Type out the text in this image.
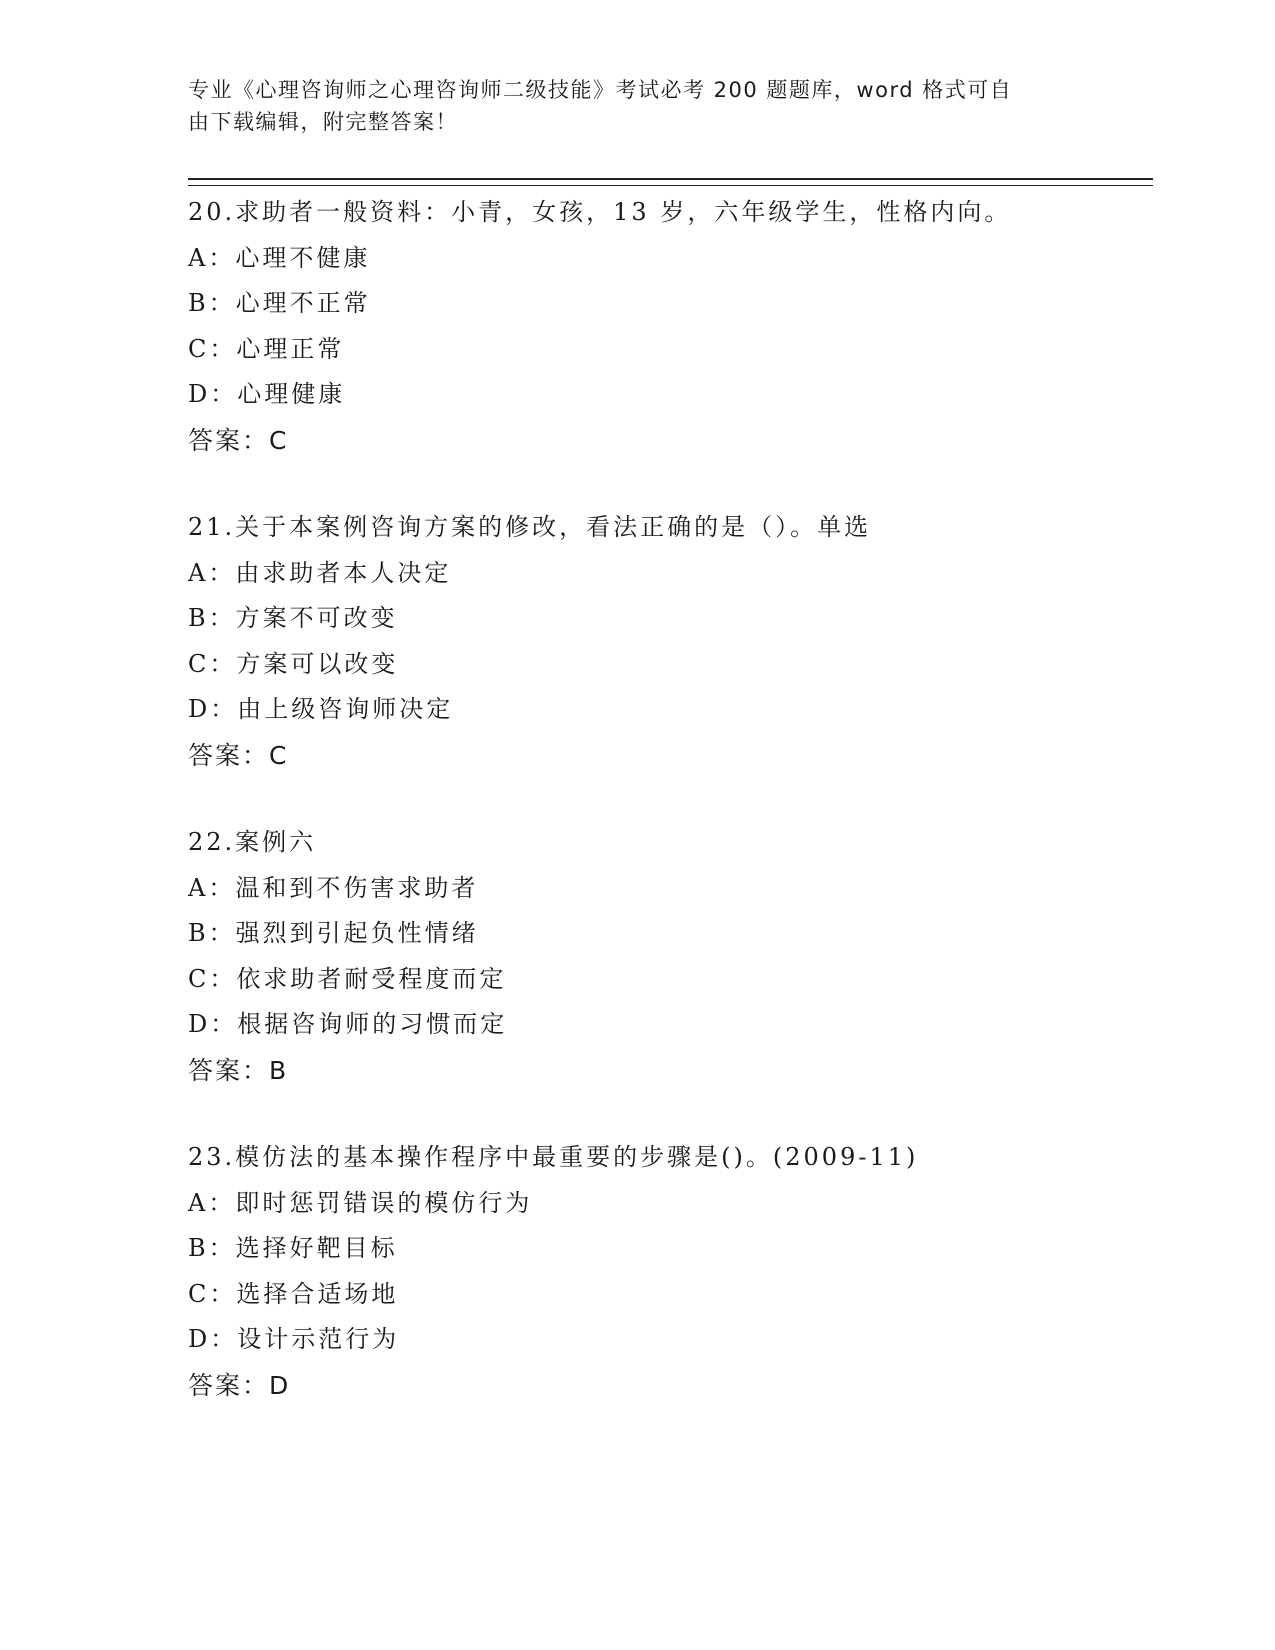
专业《心理咨询师之心理咨询师二级技能》考试必考 200 题题库，word 格式可自
由下载编辑，附完整答案！
20.求助者一般资料：小青，女孩，13 岁，六年级学生，性格内向。
A：心理不健康
B：心理不正常
C：心理正常
D：心理健康
答案：C
21.关于本案例咨询方案的修改，看法正确的是（）。单选
A：由求助者本人决定
B：方案不可改变
C：方案可以改变
D：由上级咨询师决定
答案：C
22.案例六
A：温和到不伤害求助者
B：强烈到引起负性情绪
C：依求助者耐受程度而定
D：根据咨询师的习惯而定
答案：B
23.模仿法的基本操作程序中最重要的步骤是()。(2009-11)
A：即时惩罚错误的模仿行为
B：选择好靶目标
C：选择合适场地
D：设计示范行为
答案：D
